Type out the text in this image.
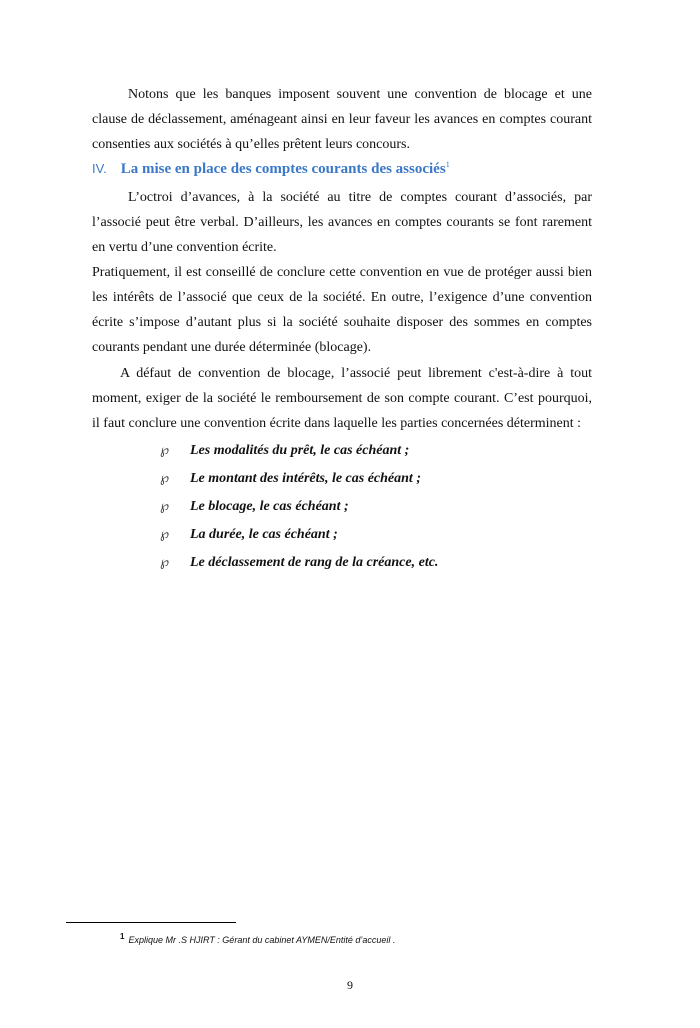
Notons que les banques imposent souvent une convention de blocage et une
clause de déclassement, aménageant ainsi en leur faveur les avances en comptes courant
consenties aux sociétés à qu’elles prêtent leurs concours.

IV. La mise en place des comptes courants des associés$^1$

L’octroi d’avances, à la société au titre de comptes courant d’associés, par
l’associé peut être verbal. D’ailleurs, les avances en comptes courants se font rarement
en vertu d’une convention écrite.

Pratiquement, il est conseillé de conclure cette convention en vue de protéger aussi bien
les intérêts de l’associé que ceux de la société. En outre, l’exigence d’une convention
écrite s’impose d’autant plus si la société souhaite disposer des sommes en comptes
courants pendant une durée déterminée (blocage).

A défaut de convention de blocage, l’associé peut librement c'est-à-dire à tout
moment, exiger de la société le remboursement de son compte courant. C’est pourquoi,
il faut conclure une convention écrite dans laquelle les parties concernées déterminent :

℘	Les modalités du prêt, le cas échéant ;
℘	Le montant des intérêts, le cas échéant ;
℘	Le blocage, le cas échéant ;
℘	La durée, le cas échéant ;
℘	Le déclassement de rang de la créance, etc.
$^1$ Explique Mr .S HJIRT : Gérant du cabinet AYMEN/Entité d’accueil .
9
